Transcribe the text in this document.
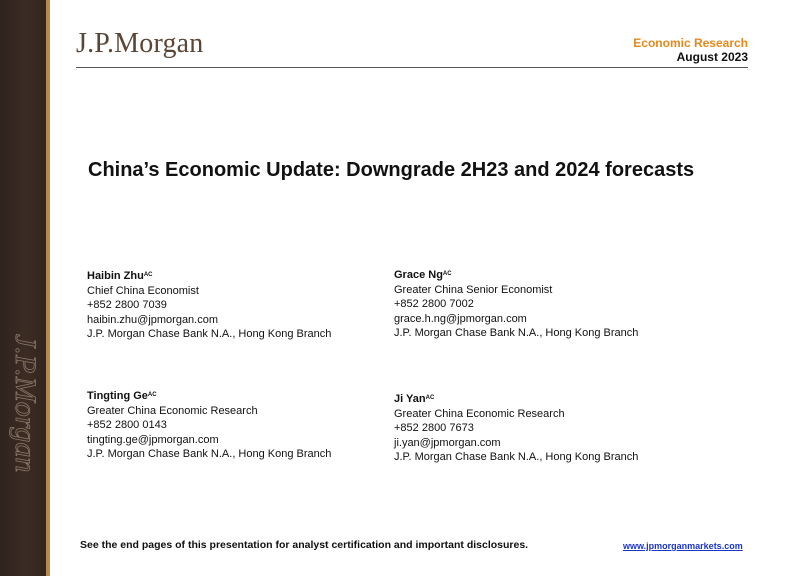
J.P.Morgan
J.P.Morgan	Economic Research
August 2023
China’s Economic Update: Downgrade 2H23 and 2024 forecasts
Haibin Zhu$^{AC}$
Chief China Economist
+852 2800 7039
haibin.zhu@jpmorgan.com
J.P. Morgan Chase Bank N.A., Hong Kong Branch
Grace $Ng^{AC}$
Greater China Senior Economist
+852 2800 7002
grace.h.ng@jpmorgan.com
J.P. Morgan Chase Bank N.A., Hong Kong Branch
Tingting $Ge^{AC}$
Greater China Economic Research
+852 2800 0143
tingting.ge@jpmorgan.com
J.P. Morgan Chase Bank N.A., Hong Kong Branch
Ji Yan$^{AC}$
Greater China Economic Research
+852 2800 7673
ji.yan@jpmorgan.com
J.P. Morgan Chase Bank N.A., Hong Kong Branch
See the end pages of this presentation for analyst certification and important disclosures.	www.jpmorganmarkets.com
